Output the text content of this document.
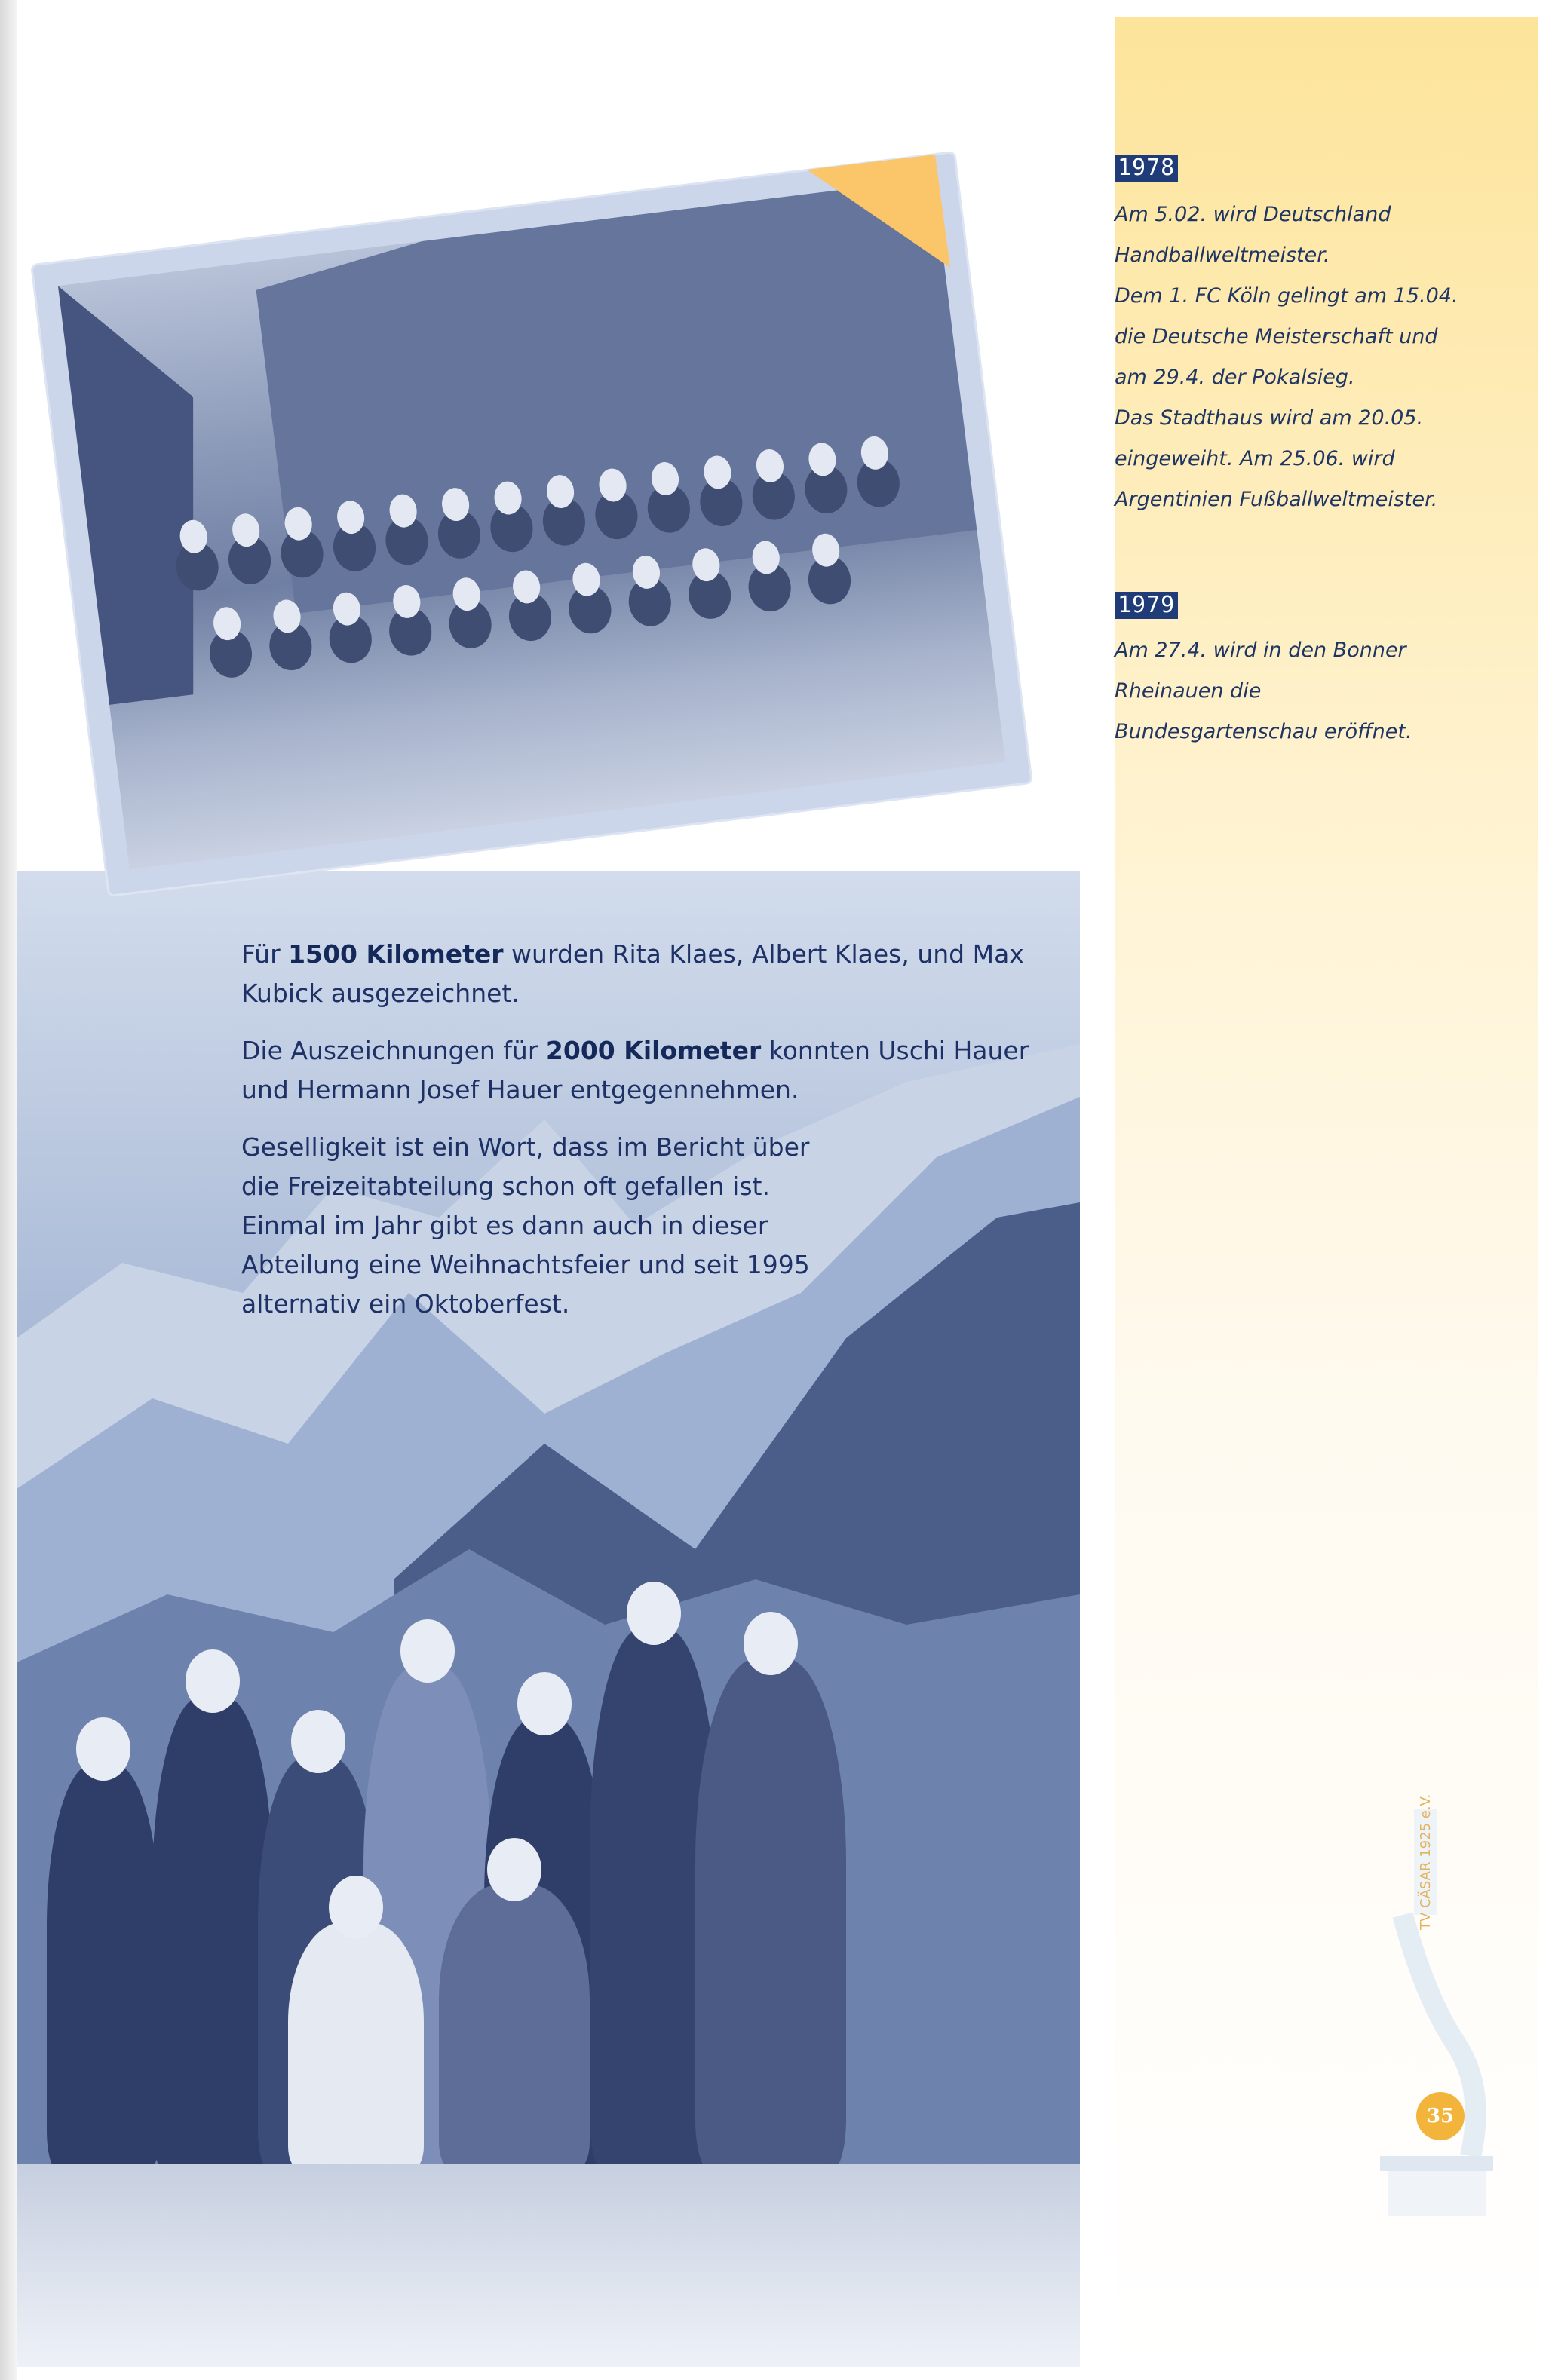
1978
Am 5.02. wird Deutschland
Handballweltmeister.
Dem 1. FC Köln gelingt am 15.04.
die Deutsche Meisterschaft und
am 29.4. der Pokalsieg.
Das Stadthaus wird am 20.05.
eingeweiht. Am 25.06. wird
Argentinien Fußballweltmeister.
1979
Am 27.4. wird in den Bonner
Rheinauen die
Bundesgartenschau eröffnet.

Für 1500 Kilometer wurden Rita Klaes, Albert Klaes, und Max Kubick ausgezeichnet.

Die Auszeichnungen für 2000 Kilometer konnten Uschi Hauer und Hermann Josef Hauer entgegennehmen.

Geselligkeit ist ein Wort, dass im Bericht über die Freizeitabteilung schon oft gefallen ist. Einmal im Jahr gibt es dann auch in dieser Abteilung eine Weihnachtsfeier und seit 1995 alternativ ein Oktoberfest.

TV CÄSAR 1925 e.V.
35
